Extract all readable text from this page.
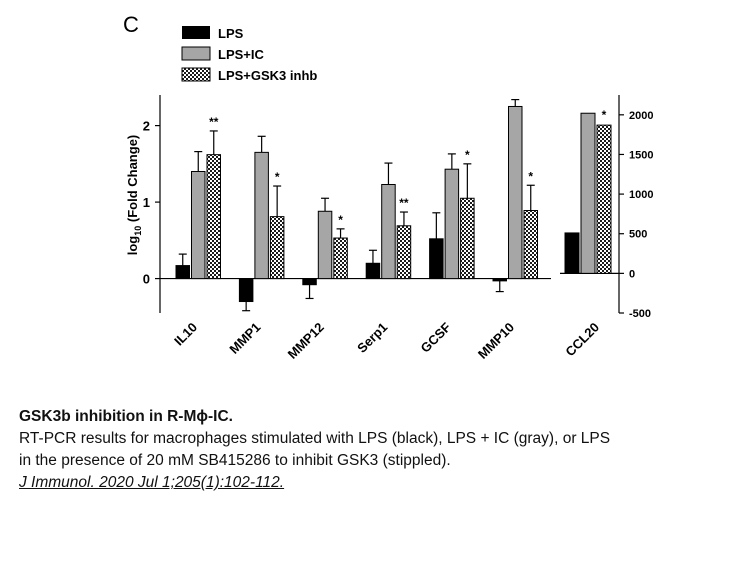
C	LPS
LPS+IC
LPS+GSK3 inhb
$\log_{10}$ (Fold Change)
0
1
2	**
IL10
*
MMP1
*
MMP12
**
Serp1
*
GCSF
*
MMP10
-500
0
500
1000
1500
2000
*
CCL20
GSK3b inhibition in R-Mϕ-IC.
RT-PCR results for macrophages stimulated with LPS (black), LPS + IC (gray), or LPS
in the presence of 20 mM SB415286 to inhibit GSK3 (stippled).
J Immunol. 2020 Jul 1;205(1):102-112.
